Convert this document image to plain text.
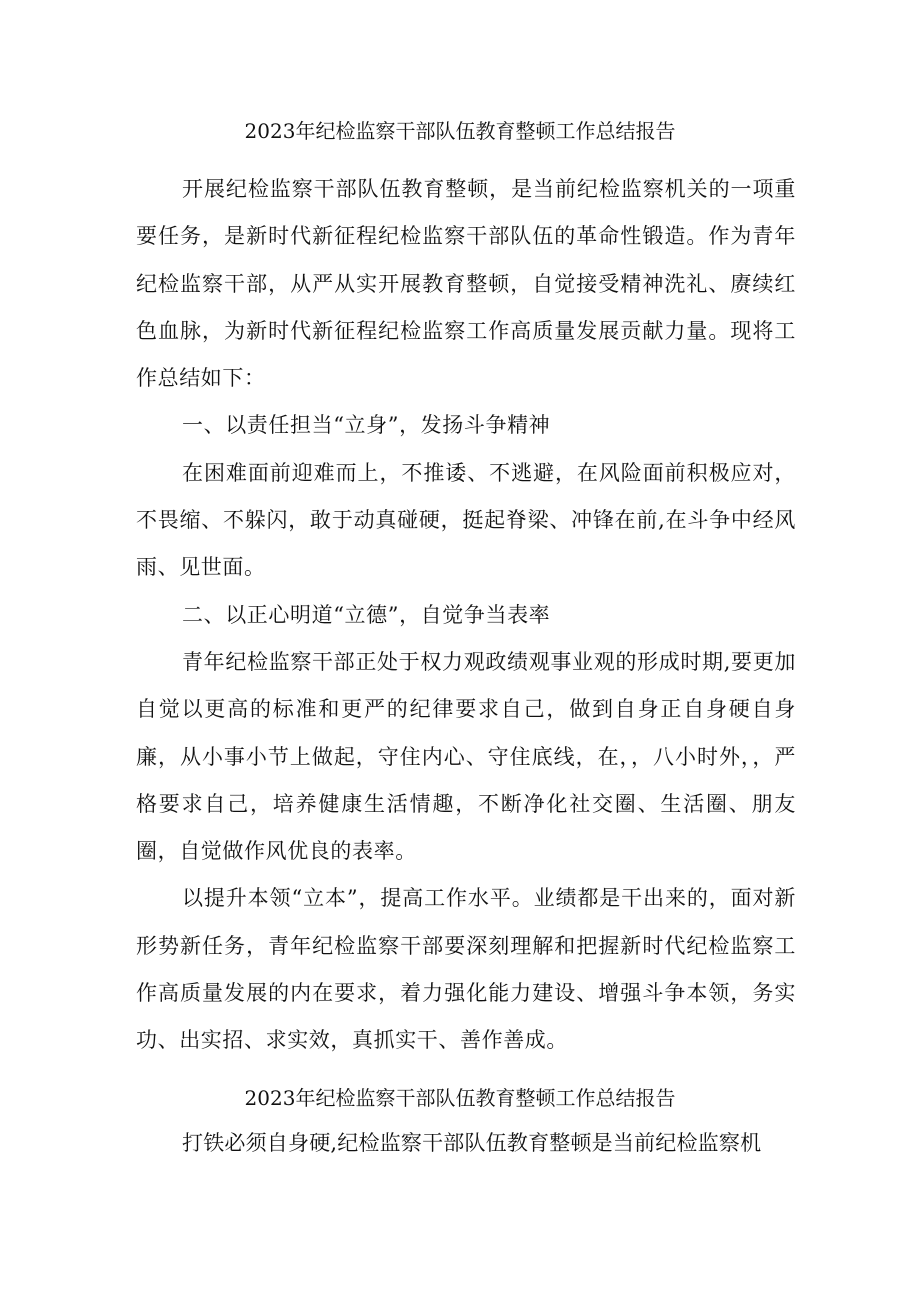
2023年纪检监察干部队伍教育整顿工作总结报告

开展纪检监察干部队伍教育整顿，是当前纪检监察机关的一项重要任务，是新时代新征程纪检监察干部队伍的革命性锻造。作为青年纪检监察干部，从严从实开展教育整顿，自觉接受精神洗礼、赓续红色血脉，为新时代新征程纪检监察工作高质量发展贡献力量。现将工作总结如下：

一、以责任担当“立身”，发扬斗争精神

在困难面前迎难而上，不推诿、不逃避，在风险面前积极应对，不畏缩、不躲闪，敢于动真碰硬，挺起脊梁、冲锋在前,在斗争中经风雨、见世面。

二、以正心明道“立德”，自觉争当表率

青年纪检监察干部正处于权力观政绩观事业观的形成时期,要更加自觉以更高的标准和更严的纪律要求自己，做到自身正自身硬自身廉，从小事小节上做起，守住内心、守住底线，在，，八小时外，，严格要求自己，培养健康生活情趣，不断净化社交圈、生活圈、朋友圈，自觉做作风优良的表率。

以提升本领“立本”，提高工作水平。业绩都是干出来的，面对新形势新任务，青年纪检监察干部要深刻理解和把握新时代纪检监察工作高质量发展的内在要求，着力强化能力建设、增强斗争本领，务实功、出实招、求实效，真抓实干、善作善成。

2023年纪检监察干部队伍教育整顿工作总结报告

打铁必须自身硬,纪检监察干部队伍教育整顿是当前纪检监察机
